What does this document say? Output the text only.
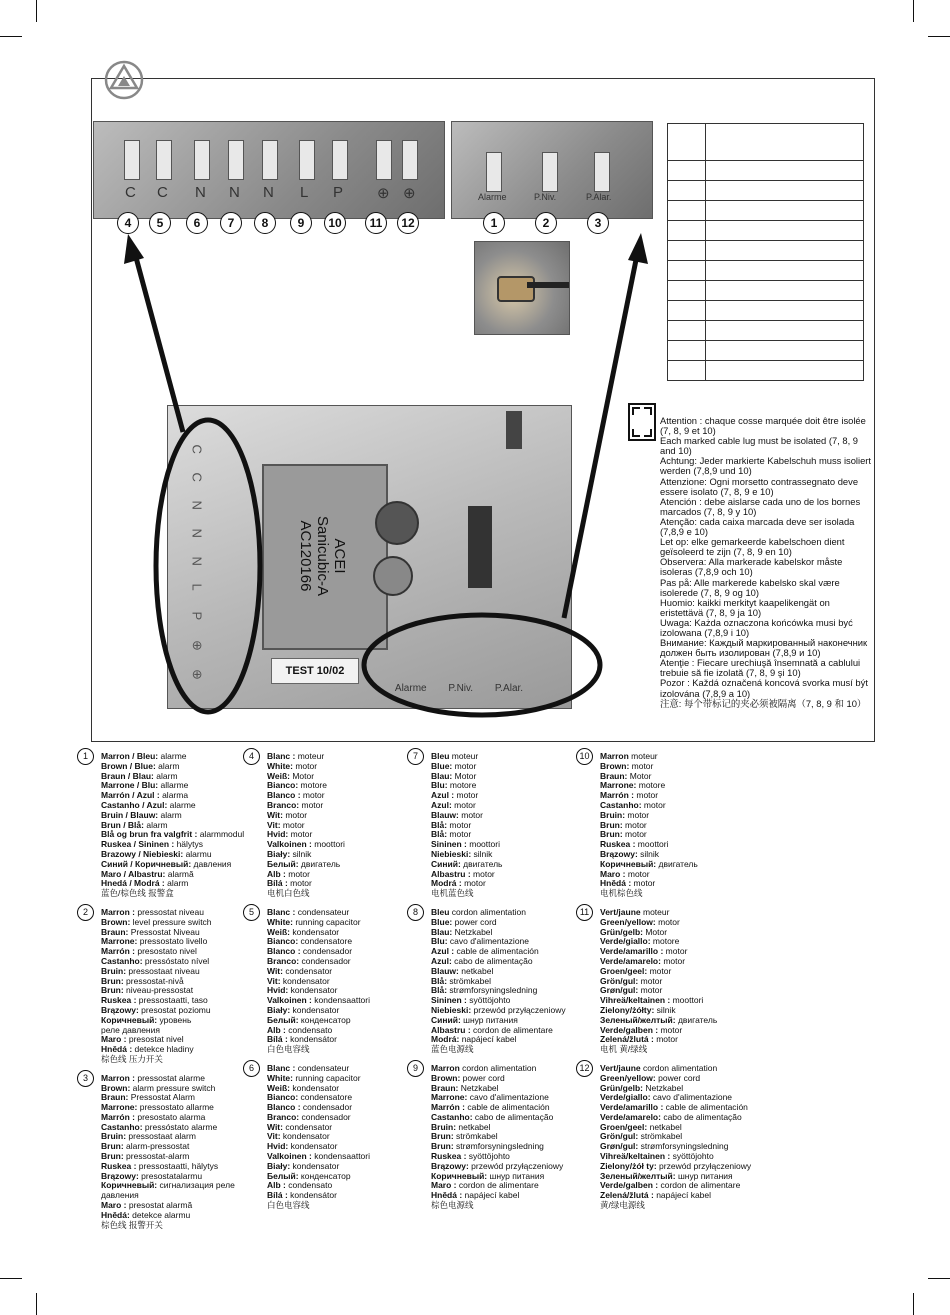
C C N N N L P ⊕ ⊕	Alarme	P.Niv.	P.Alar.
4	5	6	7	8	9	10	11	12	1	2	3

ACEI
Sanicubic-A
AC120166
TEST 10/02
Alarme P.Niv. P.Alar.
C
C
N
N
N
L
P
⊕
⊕

Attention : chaque cosse marquée doit être isolée (7, 8, 9 et 10)

Each marked cable lug must be isolated (7, 8, 9 and 10)

Achtung: Jeder markierte Kabelschuh muss isoliert werden (7,8,9 und 10)

Attenzione: Ogni morsetto contrassegnato deve essere isolato (7, 8, 9 e 10)

Atención : debe aislarse cada uno de los bornes marcados (7, 8, 9 y 10)

Atenção: cada caixa marcada deve ser isolada (7,8,9 e 10)

Let op: elke gemarkeerde kabelschoen dient geïsoleerd te zijn (7, 8, 9 en 10)

Observera: Alla markerade kabelskor måste isoleras (7,8,9 och 10)

Pas på: Alle markerede kabelsko skal være isolerede (7, 8, 9 og 10)

Huomio: kaikki merkityt kaapelikengät on eristettävä (7, 8, 9 ja 10)

Uwaga: Każda oznaczona końcówka musi być izolowana (7,8,9 i 10)

Внимание: Каждый маркированный наконечник должен быть изолирован (7,8,9 и 10)

Atenţie : Fiecare urechiuşă însemnată a cablului trebuie să fie izolată (7, 8, 9 şi 10)

Pozor : Každá označená koncová svorka musí být izolována (7,8,9 a 10)

注意: 每个带标记的夹必须被隔离（7, 8, 9 和 10）

1	Marron / Bleu: alarme
Brown / Blue: alarm
Braun / Blau: alarm
Marrone / Blu: allarme
Marrón / Azul : alarma
Castanho / Azul: alarme
Bruin / Blauw: alarm
Brun / Blå: alarm
Blå og brun fra valgfrit : alarmmodul
Ruskea / Sininen : hälytys
Brazowy / Niebieski: alarmu
Синий / Коричневый: давления
Maro / Albastru: alarmă
Hnedá / Modrá : alarm
蓝色/棕色线 报警盒
2	Marron : pressostat niveau
Brown: level pressure switch
Braun: Pressostat Niveau
Marrone: pressostato livello
Marrón : presostato nivel
Castanho: pressóstato nível
Bruin: pressostaat niveau
Brun: pressostat-nivå
Brun: niveau-pressostat
Ruskea : pressostaatti, taso
Brązowy: presostat poziomu
Коричневый: уровень
реле давления
Maro : presostat nivel
Hnědá : detekce hladiny
棕色线 压力开关
3	Marron : pressostat alarme
Brown: alarm pressure switch
Braun: Pressostat Alarm
Marrone: pressostato allarme
Marrón : presostato alarma
Castanho: pressóstato alarme
Bruin: pressostaat alarm
Brun: alarm-pressostat
Brun: pressostat-alarm
Ruskea : pressostaatti, hälytys
Brązowy: presostatalarmu
Коричневый: сигнализация реле
давления
Maro : presostat alarmă
Hnědá: detekce alarmu
棕色线 报警开关
4	Blanc : moteur
White: motor
Weiß: Motor
Bianco: motore
Blanco : motor
Branco: motor
Wit: motor
Vit: motor
Hvid: motor
Valkoinen : moottori
Biały: silnik
Белый: двигатель
Alb : motor
Bílá : motor
电机白色线
5	Blanc : condensateur
White: running capacitor
Weiß: kondensator
Bianco: condensatore
Blanco : condensador
Branco: condensador
Wit: condensator
Vit: kondensator
Hvid: kondensator
Valkoinen : kondensaattori
Biały: kondensator
Белый: конденсатор
Alb : condensato
Bílá : kondensátor
白色电容线
6	Blanc : condensateur
White: running capacitor
Weiß: kondensator
Bianco: condensatore
Blanco : condensador
Branco: condensador
Wit: condensator
Vit: kondensator
Hvid: kondensator
Valkoinen : kondensaattori
Biały: kondensator
Белый: конденсатор
Alb : condensato
Bílá : kondensátor
白色电容线
7	Bleu moteur
Blue: motor
Blau: Motor
Blu: motore
Azul : motor
Azul: motor
Blauw: motor
Blå: motor
Blå: motor
Sininen : moottori
Niebieski: silnik
Синий: двигатель
Albastru : motor
Modrá : motor
电机蓝色线
8	Bleu cordon alimentation
Blue: power cord
Blau: Netzkabel
Blu: cavo d'alimentazione
Azul : cable de alimentación
Azul: cabo de alimentação
Blauw: netkabel
Blå: strömkabel
Blå: strømforsyningsledning
Sininen : syöttöjohto
Niebieski: przewód przyłączeniowy
Синий: шнур питания
Albastru : cordon de alimentare
Modrá: napájecí kabel
蓝色电源线
9	Marron cordon alimentation
Brown: power cord
Braun: Netzkabel
Marrone: cavo d'alimentazione
Marrón : cable de alimentación
Castanho: cabo de alimentação
Bruin: netkabel
Brun: strömkabel
Brun: strømforsyningsledning
Ruskea : syöttöjohto
Brązowy: przewód przyłączeniowy
Коричневый: шнур питания
Maro : cordon de alimentare
Hnědá : napájecí kabel
棕色电源线
10	Marron moteur
Brown: motor
Braun: Motor
Marrone: motore
Marrón : motor
Castanho: motor
Bruin: motor
Brun: motor
Brun: motor
Ruskea : moottori
Brązowy: silnik
Коричневый: двигатель
Maro : motor
Hnědá : motor
电机棕色线
11	Vert/jaune moteur
Green/yellow: motor
Grün/gelb: Motor
Verde/giallo: motore
Verde/amarillo : motor
Verde/amarelo: motor
Groen/geel: motor
Grön/gul: motor
Grøn/gul: motor
Vihreä/keltainen : moottori
Zielony/żółty: silnik
Зеленый/желтый: двигатель
Verde/galben : motor
Zelená/žlutá : motor
电机 黄/绿线
12	Vert/jaune cordon alimentation
Green/yellow: power cord
Grün/gelb: Netzkabel
Verde/giallo: cavo d'alimentazione
Verde/amarillo : cable de alimentación
Verde/amarelo: cabo de alimentação
Groen/geel: netkabel
Grön/gul: strömkabel
Grøn/gul: strømforsyningsledning
Vihreä/keltainen : syöttöjohto
Zielony/żół ty: przewód przyłączeniowy
Зеленый/желтый: шнур питания
Verde/galben : cordon de alimentare
Zelená/žlutá : napájecí kabel
黄/绿电源线
